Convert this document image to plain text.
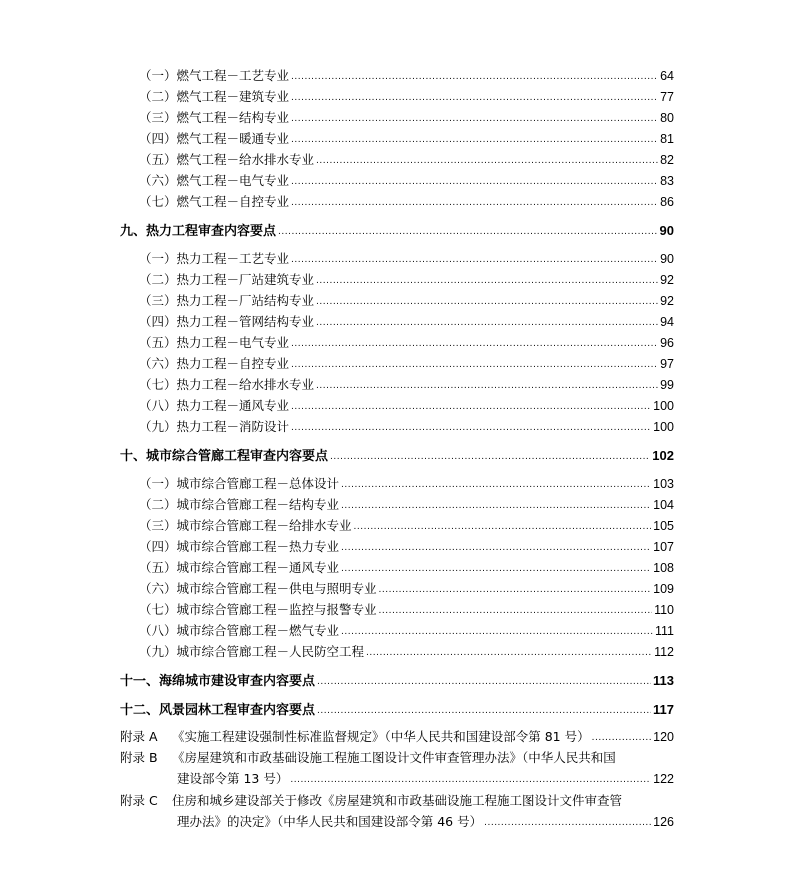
（一）燃气工程－工艺专业 .....	64
（二）燃气工程－建筑专业 .....	77
（三）燃气工程－结构专业 .....	80
（四）燃气工程－暖通专业 .....	81
（五）燃气工程－给水排水专业 .....	82
（六）燃气工程－电气专业 .....	83
（七）燃气工程－自控专业 .....	86
九、热力工程审查内容要点 .....	90
（一）热力工程－工艺专业 .....	90
（二）热力工程－厂站建筑专业 .....	92
（三）热力工程－厂站结构专业 .....	92
（四）热力工程－管网结构专业 .....	94
（五）热力工程－电气专业 .....	96
（六）热力工程－自控专业 .....	97
（七）热力工程－给水排水专业 .....	99
（八）热力工程－通风专业 .....	100
（九）热力工程－消防设计 .....	100
十、城市综合管廊工程审查内容要点 .....	102
（一）城市综合管廊工程－总体设计 .....	103
（二）城市综合管廊工程－结构专业 .....	104
（三）城市综合管廊工程－给排水专业 .....	105
（四）城市综合管廊工程－热力专业 .....	107
（五）城市综合管廊工程－通风专业 .....	108
（六）城市综合管廊工程－供电与照明专业 .....	109
（七）城市综合管廊工程－监控与报警专业 .....	110
（八）城市综合管廊工程－燃气专业 .....	111
（九）城市综合管廊工程－人民防空工程 .....	112
十一、海绵城市建设审查内容要点 .....	113
十二、风景园林工程审查内容要点 .....	117
附录 A	《实施工程建设强制性标准监督规定》（中华人民共和国建设部令第 81 号） .....	120
附录 B	《房屋建筑和市政基础设施工程施工图设计文件审查管理办法》（中华人民共和国
建设部令第 13 号） .....	122
附录 C	住房和城乡建设部关于修改《房屋建筑和市政基础设施工程施工图设计文件审查管
理办法》的决定》（中华人民共和国建设部令第 46 号） .....	126
